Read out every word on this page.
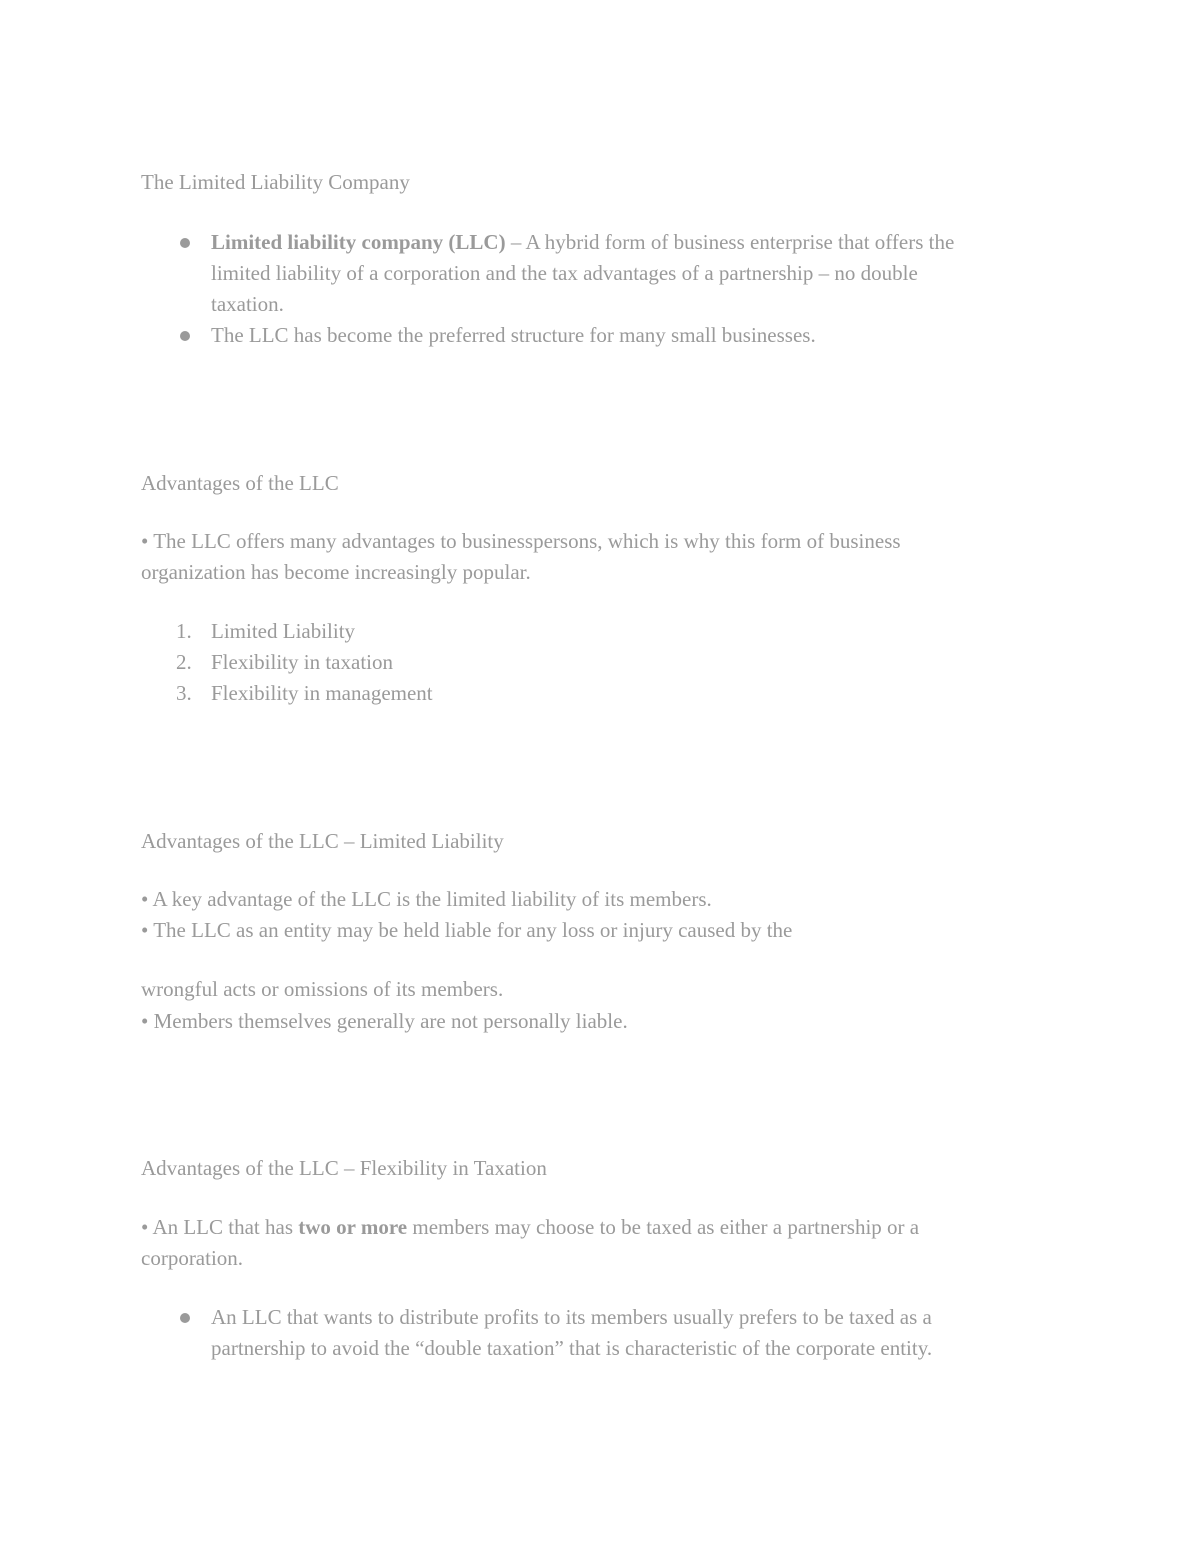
The Limited Liability Company
Limited liability company (LLC) – A hybrid form of business enterprise that offers the
limited liability of a corporation and the tax advantages of a partnership – no double
taxation.
The LLC has become the preferred structure for many small businesses.
Advantages of the LLC
• The LLC offers many advantages to businesspersons, which is why this form of business
organization has become increasingly popular.
1. Limited Liability
2. Flexibility in taxation
3. Flexibility in management
Advantages of the LLC – Limited Liability
• A key advantage of the LLC is the limited liability of its members.
• The LLC as an entity may be held liable for any loss or injury caused by the
wrongful acts or omissions of its members.
• Members themselves generally are not personally liable.
Advantages of the LLC – Flexibility in Taxation
• An LLC that has two or more members may choose to be taxed as either a partnership or a
corporation.
An LLC that wants to distribute profits to its members usually prefers to be taxed as a
partnership to avoid the “double taxation” that is characteristic of the corporate entity.
